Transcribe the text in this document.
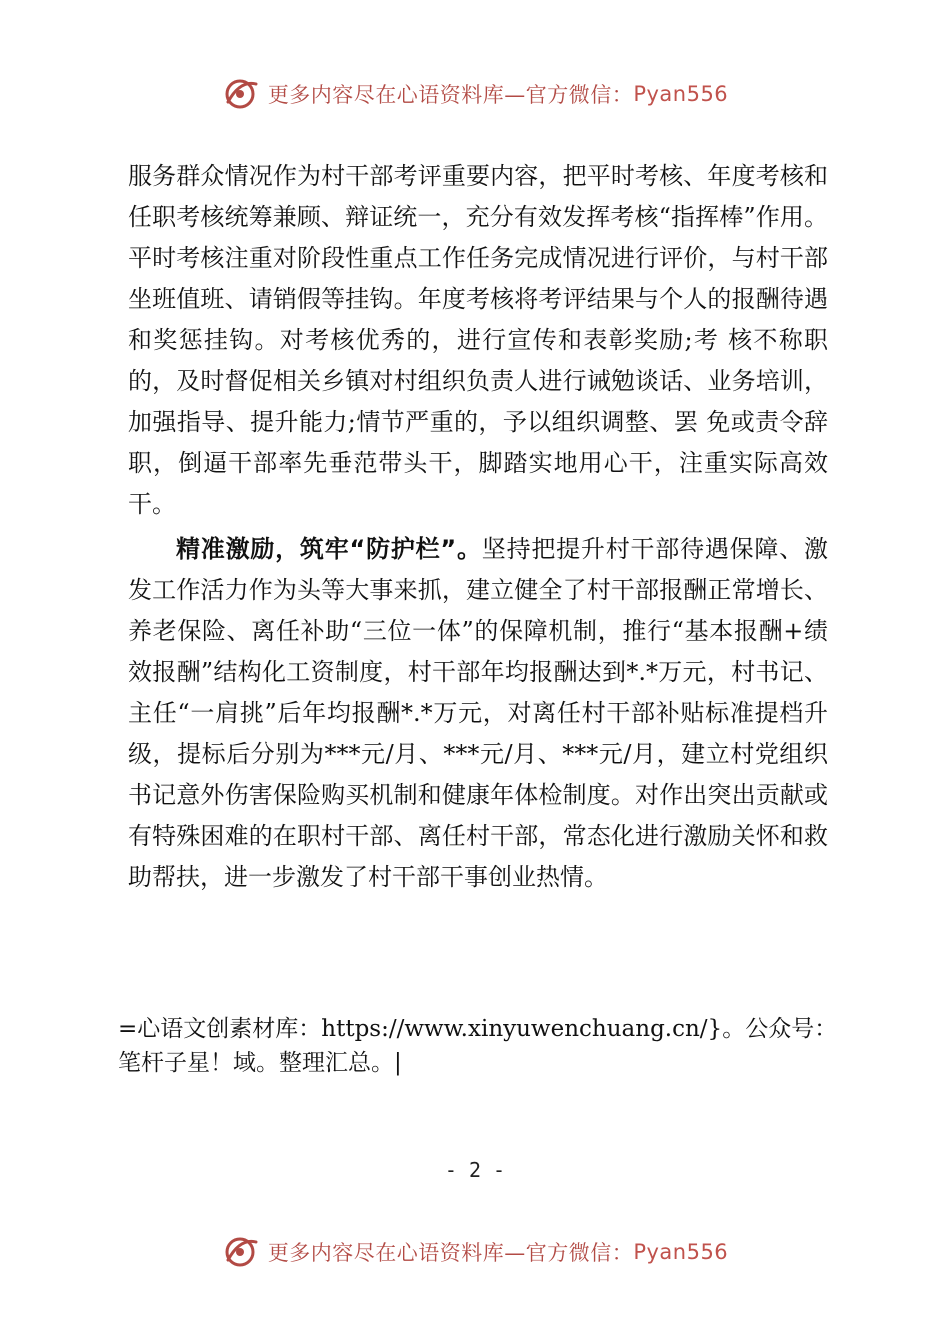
更多内容尽在心语资料库—官方微信： Pyan556

服务群众情况作为村干部考评重要内容，把平时考核、年度考核和任职考核统筹兼顾、辩证统一，充分有效发挥考核“指挥棒”作用。平时考核注重对阶段性重点工作任务完成情况进行评价，与村干部坐班值班、请销假等挂钩。年度考核将考评结果与个人的报酬待遇和奖惩挂钩。对考核优秀的，进行宣传和表彰奖励;考 核不称职的，及时督促相关乡镇对村组织负责人进行诫勉谈话、业务培训，加强指导、提升能力;情节严重的，予以组织调整、罢 免或责令辞职，倒逼干部率先垂范带头干，脚踏实地用心干，注重实际高效干。

精准激励，筑牢“防护栏”。坚持把提升村干部待遇保障、激发工作活力作为头等大事来抓，建立健全了村干部报酬正常增长、养老保险、离任补助“三位一体”的保障机制，推行“基本报酬+绩效报酬”结构化工资制度，村干部年均报酬达到*.*万元，村书记、主任“一肩挑”后年均报酬*.*万元，对离任村干部补贴标准提档升级，提标后分别为***元/月、***元/月、***元/月，建立村党组织书记意外伤害保险购买机制和健康年体检制度。对作出突出贡献或有特殊困难的在职村干部、离任村干部，常态化进行激励关怀和救助帮扶，进一步激发了村干部干事创业热情。

=心语文创素材库：https://www.xinyuwenchuang.cn/}。公众号：笔杆子星！域。整理汇总。|
- 2 -
更多内容尽在心语资料库—官方微信： Pyan556
